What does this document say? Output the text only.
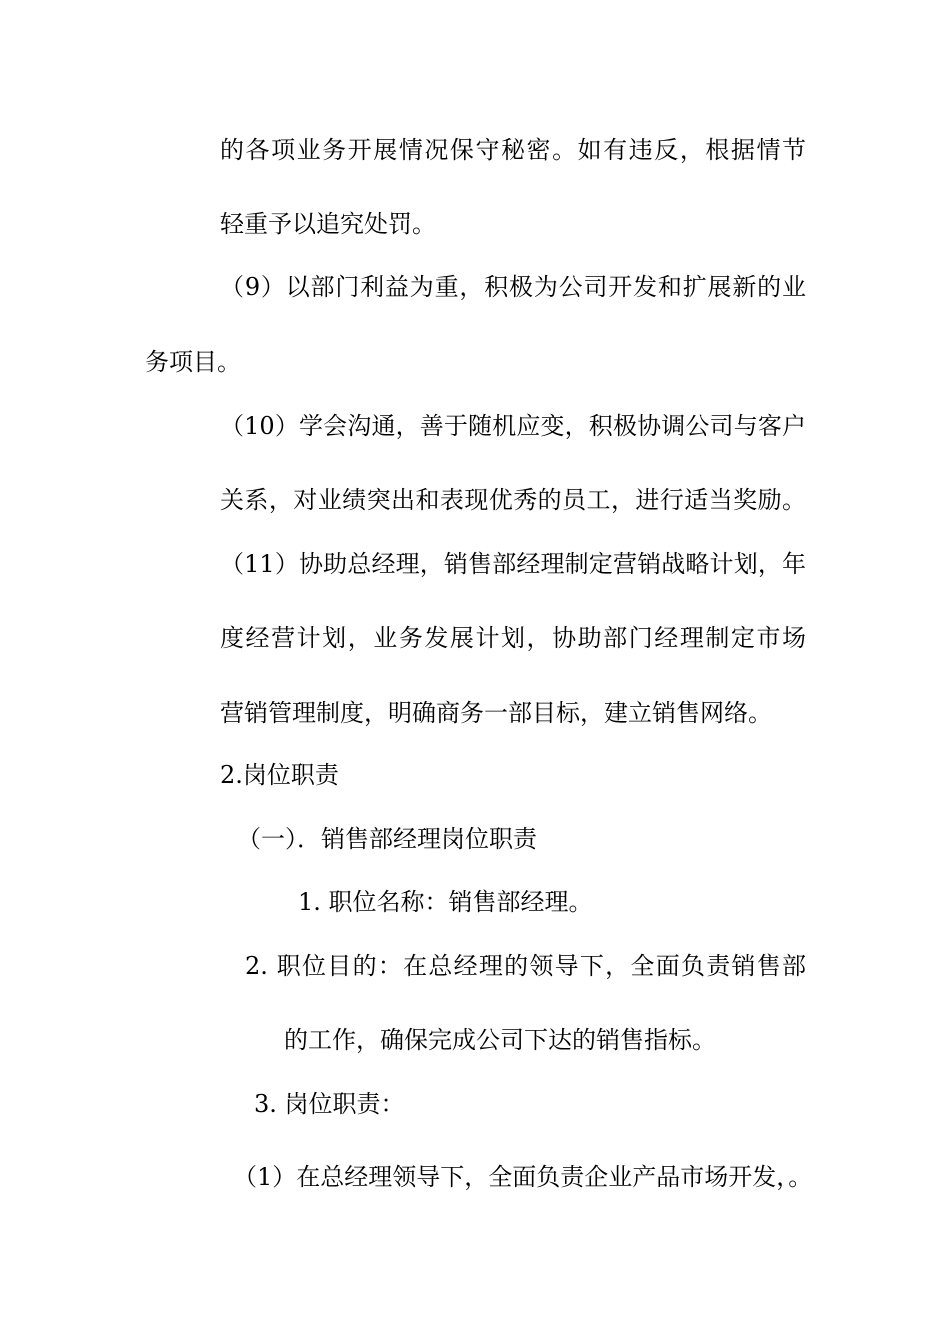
的各项业务开展情况保守秘密。如有违反，根据情节
轻重予以追究处罚。
（9）以部门利益为重，积极为公司开发和扩展新的业
务项目。
（10）学会沟通，善于随机应变，积极协调公司与客户
关系，对业绩突出和表现优秀的员工，进行适当奖励。
（11）协助总经理，销售部经理制定营销战略计划，年
度经营计划，业务发展计划，协助部门经理制定市场
营销管理制度，明确商务一部目标，建立销售网络。
2.岗位职责
（一）．销售部经理岗位职责
1. 职位名称：销售部经理。
2. 职位目的：在总经理的领导下，全面负责销售部
的工作，确保完成公司下达的销售指标。
3. 岗位职责：
（1）在总经理领导下，全面负责企业产品市场开发，。
